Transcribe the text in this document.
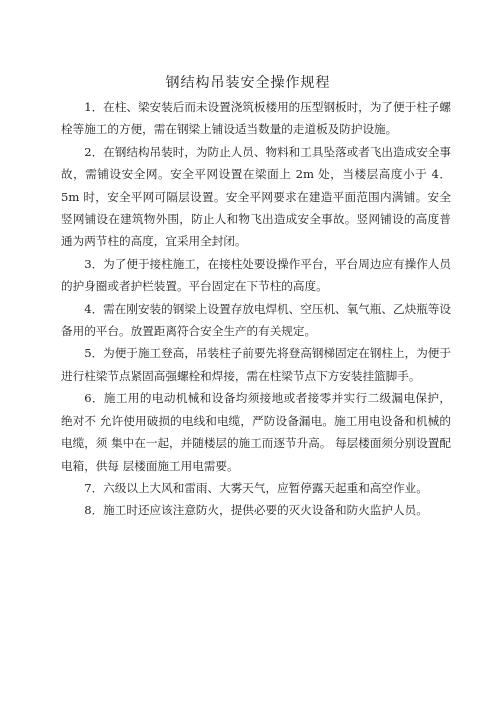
钢结构吊装安全操作规程

1．在柱、梁安装后而未设置浇筑板楼用的压型钢板时，为了便于柱子螺栓等施工的方便，需在钢梁上铺设适当数量的走道板及防护设施。

2．在钢结构吊装时，为防止人员、物料和工具坠落或者飞出造成安全事故，需铺设安全网。安全平网设置在梁面上 2m 处，当楼层高度小于 4．5m 时，安全平网可隔层设置。安全平网要求在建造平面范围内满铺。安全竖网铺设在建筑物外围，防止人和物飞出造成安全事故。竖网铺设的高度普通为两节柱的高度，宜采用全封闭。

3．为了便于接柱施工，在接柱处要设操作平台，平台周边应有操作人员的护身圈或者护栏装置。平台固定在下节柱的高度。

4．需在刚安装的钢梁上设置存放电焊机、空压机、氧气瓶、乙炔瓶等设备用的平台。放置距离符合安全生产的有关规定。

5．为便于施工登高，吊装柱子前要先将登高钢梯固定在钢柱上，为便于进行柱梁节点紧固高强螺栓和焊接，需在柱梁节点下方安装挂篮脚手。

6．施工用的电动机械和设备均须接地或者接零并实行二级漏电保护， 绝对不 允许使用破损的电线和电缆，严防设备漏电。施工用电设备和机械的电缆，须 集中在一起，并随楼层的施工而逐节升高。 每层楼面须分别设置配电箱，供每 层楼面施工用电需要。

7．六级以上大风和雷雨、大雾天气，应暂停露天起重和高空作业。

8．施工时还应该注意防火，提供必要的灭火设备和防火监护人员。
